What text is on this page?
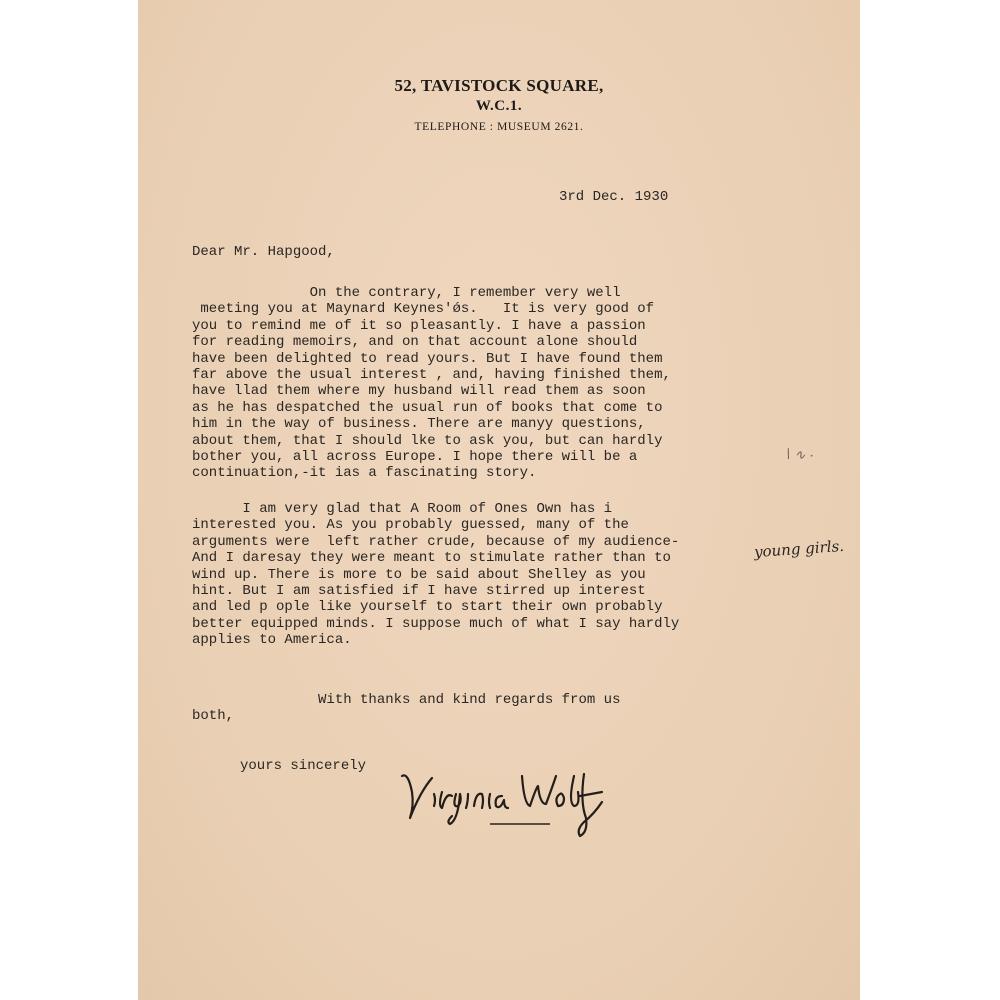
52, TAVISTOCK SQUARE,
W.C.1.
TELEPHONE : MUSEUM 2621.
3rd Dec. 1930
Dear Mr. Hapgood,
On the contrary, I remember very well
meeting you at Maynard Keynes'ǿs.   It is very good of
you to remind me of it so pleasantly. I have a passion
for reading memoirs, and on that account alone should
have been delighted to read yours. But I have found them
far above the usual interest , and, having finished them,
have llad them where my husband will read them as soon
as he has despatched the usual run of books that come to
him in the way of business. There are manyy questions,
about them, that I should lke to ask you, but can hardly
bother you, all across Europe. I hope there will be a
continuation,-it ias a fascinating story.
I am very glad that A Room of Ones Own has i
interested you. As you probably guessed, many of the
arguments were  left rather crude, because of my audience-
And I daresay they were meant to stimulate rather than to
wind up. There is more to be said about Shelley as you
hint. But I am satisfied if I have stirred up interest
and led p ople like yourself to start their own probably
better equipped minds. I suppose much of what I say hardly
applies to America.
With thanks and kind regards from us
both,
yours sincerely
young girls.
\ ∿ ·
